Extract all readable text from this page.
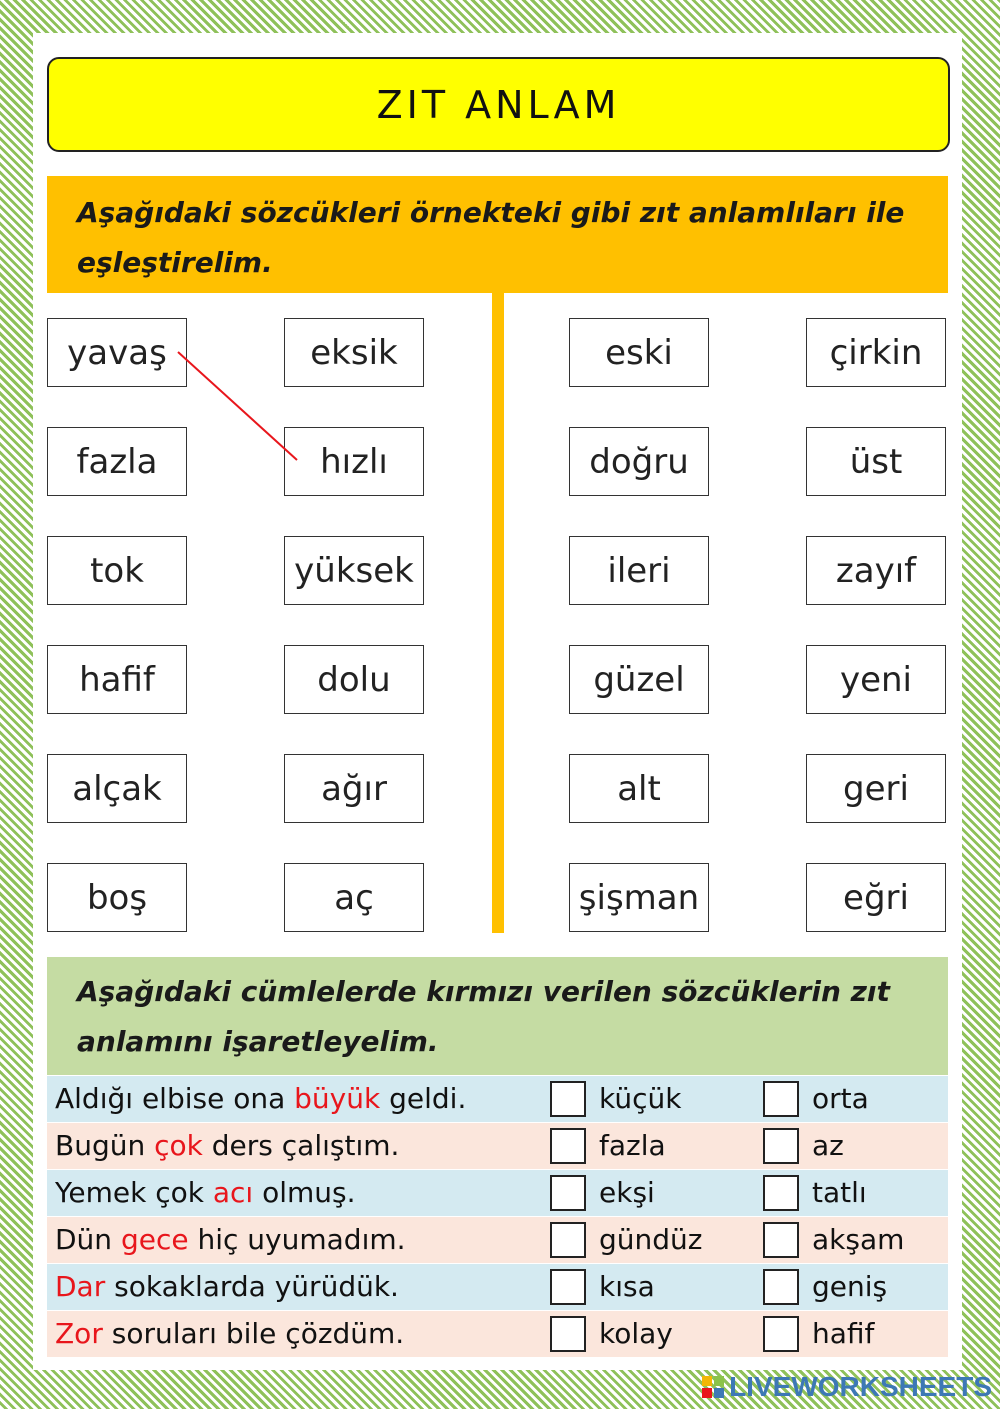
ZIT ANLAM
Aşağıdaki sözcükleri örnekteki gibi zıt anlamlıları ile eşleştirelim.
yavaş
fazla
tok
hafif
alçak
boş
eksik
hızlı
yüksek
dolu
ağır
aç
eski
doğru
ileri
güzel
alt
şişman
çirkin
üst
zayıf
yeni
geri
eğri
Aşağıdaki cümlelerde kırmızı verilen sözcüklerin zıt anlamını işaretleyelim.
Aldığı elbise ona büyük geldi.	küçük	orta
Bugün çok ders çalıştım.	fazla	az
Yemek çok acı olmuş.	ekşi	tatlı
Dün gece hiç uyumadım.	gündüz	akşam
Dar sokaklarda yürüdük.	kısa	geniş
Zor soruları bile çözdüm.	kolay	hafif
LIVEWORKSHEETS
